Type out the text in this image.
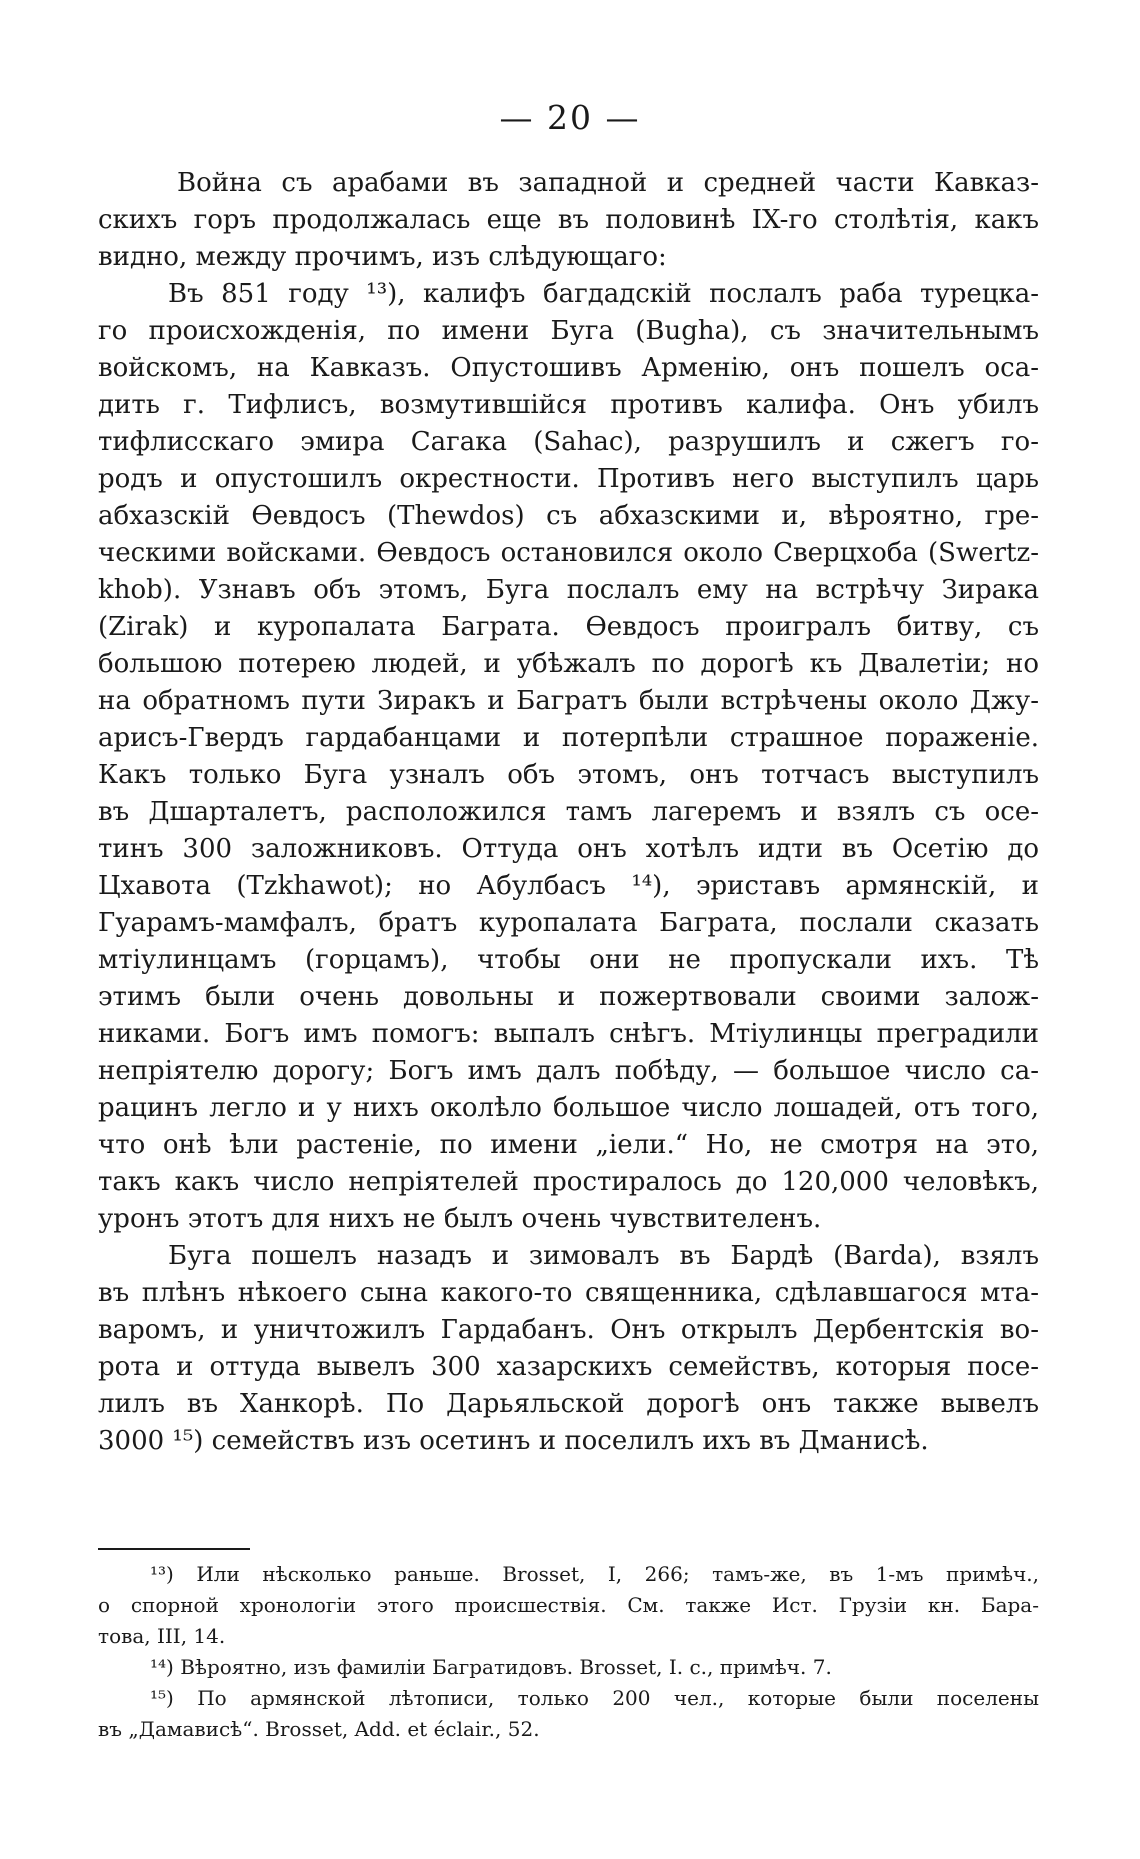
— 20 —
Война съ арабами въ западной и средней части Кавказ-
скихъ горъ продолжалась еще въ половинѣ IX-го столѣтія, какъ
видно, между прочимъ, изъ слѣдующаго:
Въ 851 году ¹³), калифъ багдадскій послалъ раба турецка-
го происхожденія, по имени Буга (Bugha), съ значительнымъ
войскомъ, на Кавказъ. Опустошивъ Арменію, онъ пошелъ оса-
дить г. Тифлисъ, возмутившійся противъ калифа. Онъ убилъ
тифлисскаго эмира Сагака (Sahac), разрушилъ и сжегъ го-
родъ и опустошилъ окрестности. Противъ него выступилъ царь
абхазскій Ѳевдосъ (Thewdos) съ абхазскими и, вѣроятно, гре-
ческими войсками. Ѳевдосъ остановился около Сверцхоба (Swertz-
khob). Узнавъ объ этомъ, Буга послалъ ему на встрѣчу Зирака
(Zirak) и куропалата Баграта. Ѳевдосъ проигралъ битву, съ
большою потерею людей, и убѣжалъ по дорогѣ къ Двалетіи; но
на обратномъ пути Зиракъ и Багратъ были встрѣчены около Джу-
арисъ-Гвердъ гардабанцами и потерпѣли страшное пораженіе.
Какъ только Буга узналъ объ этомъ, онъ тотчасъ выступилъ
въ Дшарталетъ, расположился тамъ лагеремъ и взялъ съ осе-
тинъ 300 заложниковъ. Оттуда онъ хотѣлъ идти въ Осетію до
Цхавота (Tzkhawot); но Абулбасъ ¹⁴), эриставъ армянскій, и
Гуарамъ-мамфалъ, братъ куропалата Баграта, послали сказать
мтіулинцамъ (горцамъ), чтобы они не пропускали ихъ. Тѣ
этимъ были очень довольны и пожертвовали своими залож-
никами. Богъ имъ помогъ: выпалъ снѣгъ. Мтіулинцы преградили
непріятелю дорогу; Богъ имъ далъ побѣду, — большое число са-
рацинъ легло и у нихъ околѣло большое число лошадей, отъ того,
что онѣ ѣли растеніе, по имени „іели.“ Но, не смотря на это,
такъ какъ число непріятелей простиралось до 120,000 человѣкъ,
уронъ этотъ для нихъ не былъ очень чувствителенъ.
Буга пошелъ назадъ и зимовалъ въ Бардѣ (Barda), взялъ
въ плѣнъ нѣкоего сына какого-то священника, сдѣлавшагося мта-
варомъ, и уничтожилъ Гардабанъ. Онъ открылъ Дербентскія во-
рота и оттуда вывелъ 300 хазарскихъ семействъ, которыя посе-
лилъ въ Ханкорѣ. По Дарьяльской дорогѣ онъ также вывелъ
3000 ¹⁵) семействъ изъ осетинъ и поселилъ ихъ въ Дманисѣ.
¹³) Или нѣсколько раньше. Brosset, I, 266; тамъ-же, въ 1-мъ примѣч.,
о спорной хронологіи этого происшествія. См. также Ист. Грузіи кн. Бара-
това, III, 14.
¹⁴) Вѣроятно, изъ фамиліи Багратидовъ. Brosset, I. c., примѣч. 7.
¹⁵) По армянской лѣтописи, только 200 чел., которые были поселены
въ „Дамависѣ“. Brosset, Add. et éclair., 52.
